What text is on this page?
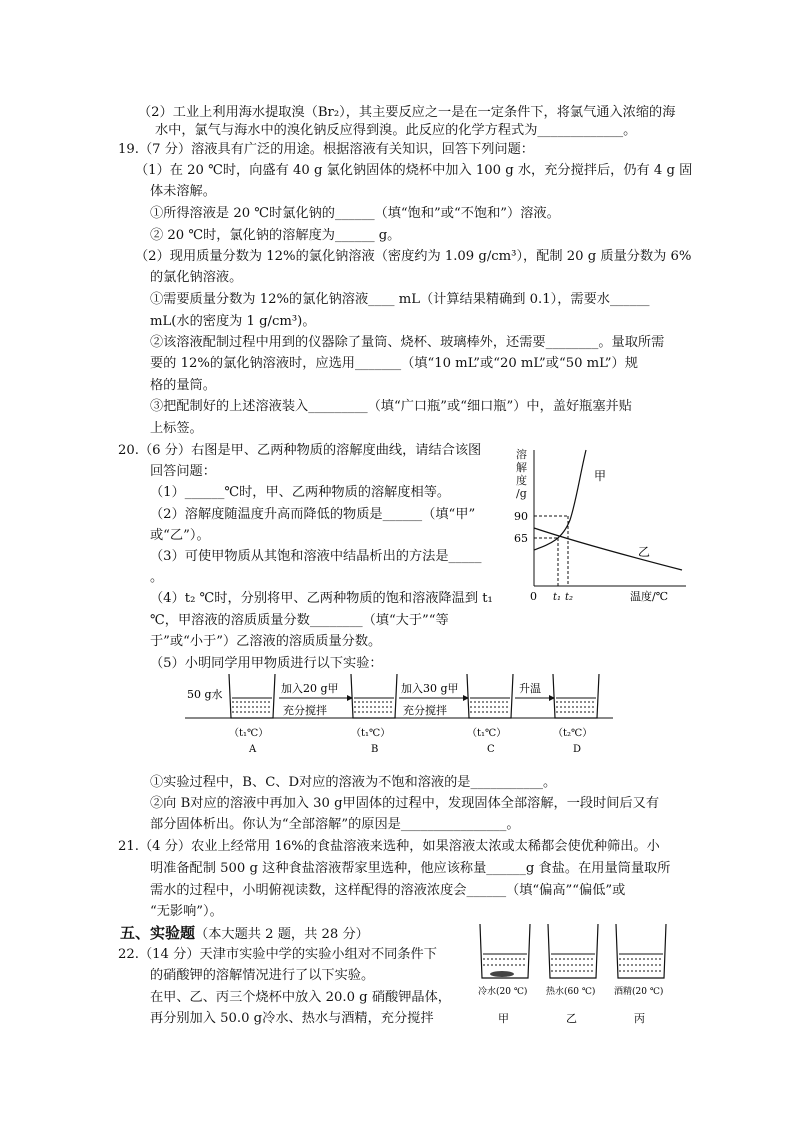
（2）工业上利用海水提取溴（Br₂），其主要反应之一是在一定条件下，将氯气通入浓缩的海
水中，氯气与海水中的溴化钠反应得到溴。此反应的化学方程式为_____________。
19.（7 分）溶液具有广泛的用途。根据溶液有关知识，回答下列问题：
（1）在 20 ℃时，向盛有 40 g 氯化钠固体的烧杯中加入 100 g 水，充分搅拌后，仍有 4 g 固
体未溶解。
①所得溶液是 20 ℃时氯化钠的______（填“饱和”或“不饱和”）溶液。
② 20 ℃时，氯化钠的溶解度为______ g。
（2）现用质量分数为 12%的氯化钠溶液（密度约为 1.09 g/cm³），配制 20 g 质量分数为 6%
的氯化钠溶液。
①需要质量分数为 12%的氯化钠溶液____ mL（计算结果精确到 0.1），需要水______
mL(水的密度为 1 g/cm³)。
②该溶液配制过程中用到的仪器除了量筒、烧杯、玻璃棒外，还需要________。量取所需
要的 12%的氯化钠溶液时，应选用_______（填“10 mL”或“20 mL”或“50 mL”）规
格的量筒。
③把配制好的上述溶液装入_________（填“广口瓶”或“细口瓶”）中，盖好瓶塞并贴
上标签。
20.（6 分）右图是甲、乙两种物质的溶解度曲线，请结合该图
回答问题：
（1）______℃时，甲、乙两种物质的溶解度相等。
（2）溶解度随温度升高而降低的物质是______（填“甲”
或“乙”）。
（3）可使甲物质从其饱和溶液中结晶析出的方法是_____
。
（4）t₂ ℃时，分别将甲、乙两种物质的饱和溶液降温到 t₁
℃，甲溶液的溶质质量分数________（填“大于”“等
于”或“小于”）乙溶液的溶质质量分数。
（5）小明同学用甲物质进行以下实验：
溶
解
度
/g
甲
乙
90
65
0 t₁ t₂	温度/℃
50 g水	加入20 g甲
充分搅拌
加入30 g甲
充分搅拌
升温
（t₁℃）
A
（t₁℃）
B
（t₁℃）
C
（t₂℃）
D
①实验过程中，B、C、D对应的溶液为不饱和溶液的是___________。
②向 B对应的溶液中再加入 30 g甲固体的过程中，发现固体全部溶解，一段时间后又有
部分固体析出。你认为“全部溶解”的原因是________________。
21.（4 分）农业上经常用 16%的食盐溶液来选种，如果溶液太浓或太稀都会使优种筛出。小
明准备配制 500 g 这种食盐溶液帮家里选种，他应该称量______g 食盐。在用量筒量取所
需水的过程中，小明俯视读数，这样配得的溶液浓度会______（填“偏高”“偏低”或
“无影响”）。
五、实验题（本大题共 2 题，共 28 分）
22.（14 分）天津市实验中学的实验小组对不同条件下
的硝酸钾的溶解情况进行了以下实验。
在甲、乙、丙三个烧杯中放入 20.0 g 硝酸钾晶体，
再分别加入 50.0 g冷水、热水与酒精，充分搅拌
冷水(20 ℃) 热水(60 ℃) 酒精(20 ℃)
甲	乙	丙
